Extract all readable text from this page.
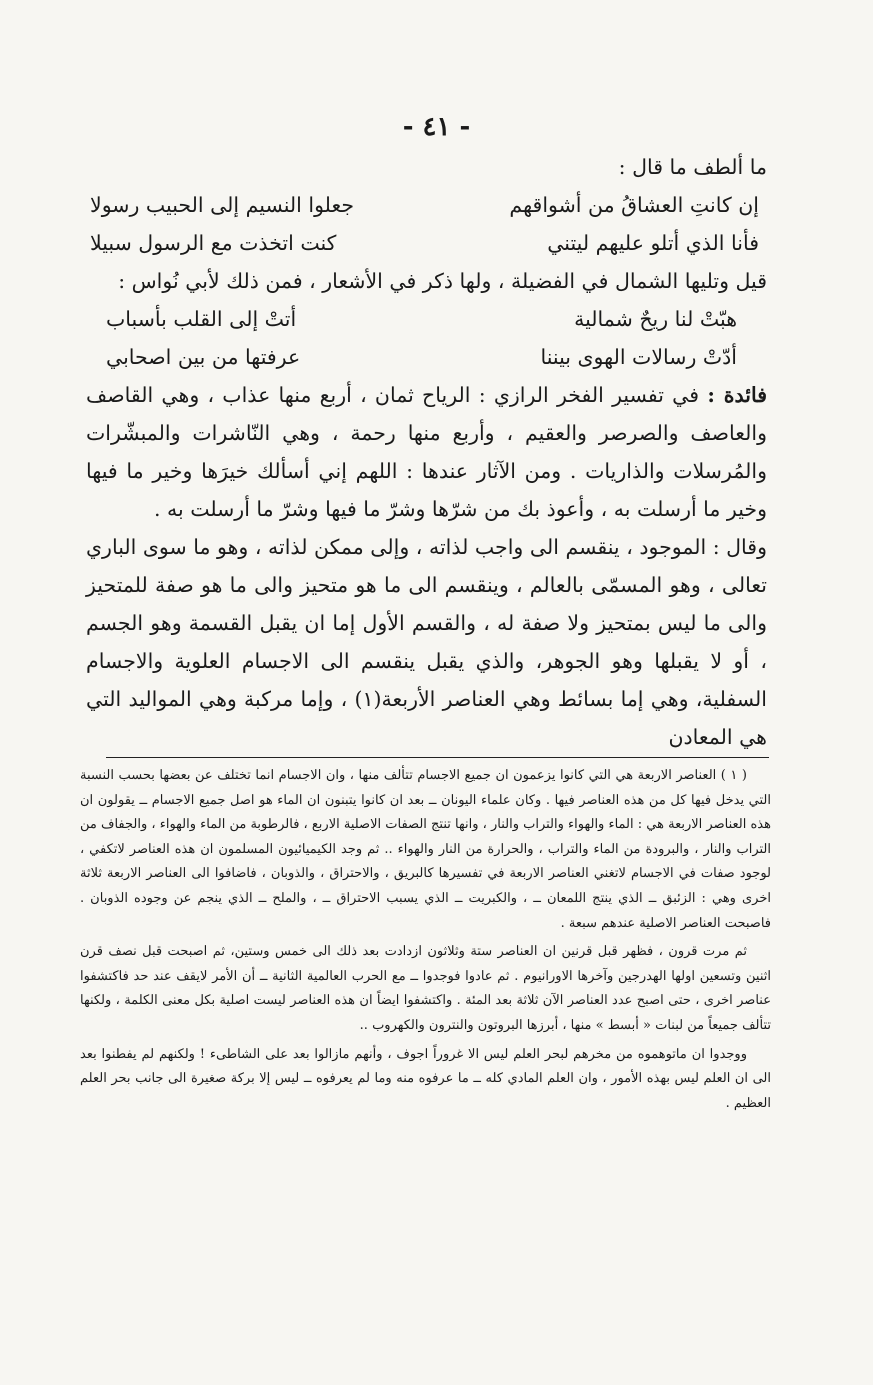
- ٤١ -

ما ألطف ما قال :

إن كانتِ العشاقُ من أشواقهم
جعلوا النسيم إلى الحبيب رسولا
فأنا الذي أتلو عليهم ليتني
كنت اتخذت مع الرسول سبيلا

قيل وتليها الشمال في الفضيلة ، ولها ذكر في الأشعار ، فمن ذلك لأبي نُواس :

هبّتْ لنا ريحٌ شمالية
أتتْ إلى القلب بأسباب
أدّتْ رسالات الهوى بيننا
عرفتها من بين اصحابي

فائدة : في تفسير الفخر الرازي : الرياح ثمان ، أربع منها عذاب ، وهي القاصف والعاصف والصرصر والعقيم ، وأربع منها رحمة ، وهي النّاشرات والمبشّرات والمُرسلات والذاريات . ومن الآثار عندها : اللهم إني أسألك خيرَها وخير ما فيها وخير ما أرسلت به ، وأعوذ بك من شرّها وشرّ ما فيها وشرّ ما أرسلت به .

وقال : الموجود ، ينقسم الى واجب لذاته ، وإلى ممكن لذاته ، وهو ما سوى الباري تعالى ، وهو المسمّى بالعالم ، وينقسم الى ما هو متحيز والى ما هو صفة للمتحيز والى ما ليس بمتحيز ولا صفة له ، والقسم الأول إما ان يقبل القسمة وهو الجسم ، أو لا يقبلها وهو الجوهر، والذي يقبل ينقسم الى الاجسام العلوية والاجسام السفلية، وهي إما بسائط وهي العناصر الأربعة(١) ، وإما مركبة وهي المواليد التي هي المعادن

( ١ ) العناصر الاربعة هي التي كانوا يزعمون ان جميع الاجسام تتألف منها ، وان الاجسام انما تختلف عن بعضها بحسب النسبة التي يدخل فيها كل من هذه العناصر فيها . وكان علماء اليونان ــ بعد ان كانوا يتبنون ان الماء هو اصل جميع الاجسام ــ يقولون ان هذه العناصر الاربعة هي : الماء والهواء والتراب والنار ، وانها تنتج الصفات الاصلية الاربع ، فالرطوبة من الماء والهواء ، والجفاف من التراب والنار ، والبرودة من الماء والتراب ، والحرارة من النار والهواء .. ثم وجد الكيميائيون المسلمون ان هذه العناصر لاتكفي ، لوجود صفات في الاجسام لاتغني العناصر الاربعة في تفسيرها كالبريق ، والاحتراق ، والذوبان ، فاضافوا الى العناصر الاربعة ثلاثة اخرى وهي : الزئبق ــ الذي ينتج اللمعان ــ ، والكبريت ــ الذي يسبب الاحتراق ــ ، والملح ــ الذي ينجم عن وجوده الذوبان . فاصبحت العناصر الاصلية عندهم سبعة .

ثم مرت قرون ، فظهر قبل قرنين ان العناصر ستة وثلاثون ازدادت بعد ذلك الى خمس وستين، ثم اصبحت قبل نصف قرن اثنين وتسعين اولها الهدرجين وآخرها الاورانيوم . ثم عادوا فوجدوا ــ مع الحرب العالمية الثانية ــ أن الأمر لايقف عند حد فاكتشفوا عناصر اخرى ، حتى اصبح عدد العناصر الآن ثلاثة بعد المئة . واكتشفوا ايضاً ان هذه العناصر ليست اصلية بكل معنى الكلمة ، ولكنها تتألف جميعاً من لبنات « أبسط » منها ، أبرزها البروتون والنترون والكهروب ..

ووجدوا ان ماتوهموه من مخرهم لبحر العلم ليس الا غروراً اجوف ، وأنهم مازالوا بعد على الشاطىء ! ولكنهم لم يفطنوا بعد الى ان العلم ليس بهذه الأمور ، وان العلم المادي كله ــ ما عرفوه منه وما لم يعرفوه ــ ليس إلا بركة صغيرة الى جانب بحر العلم العظيم .
